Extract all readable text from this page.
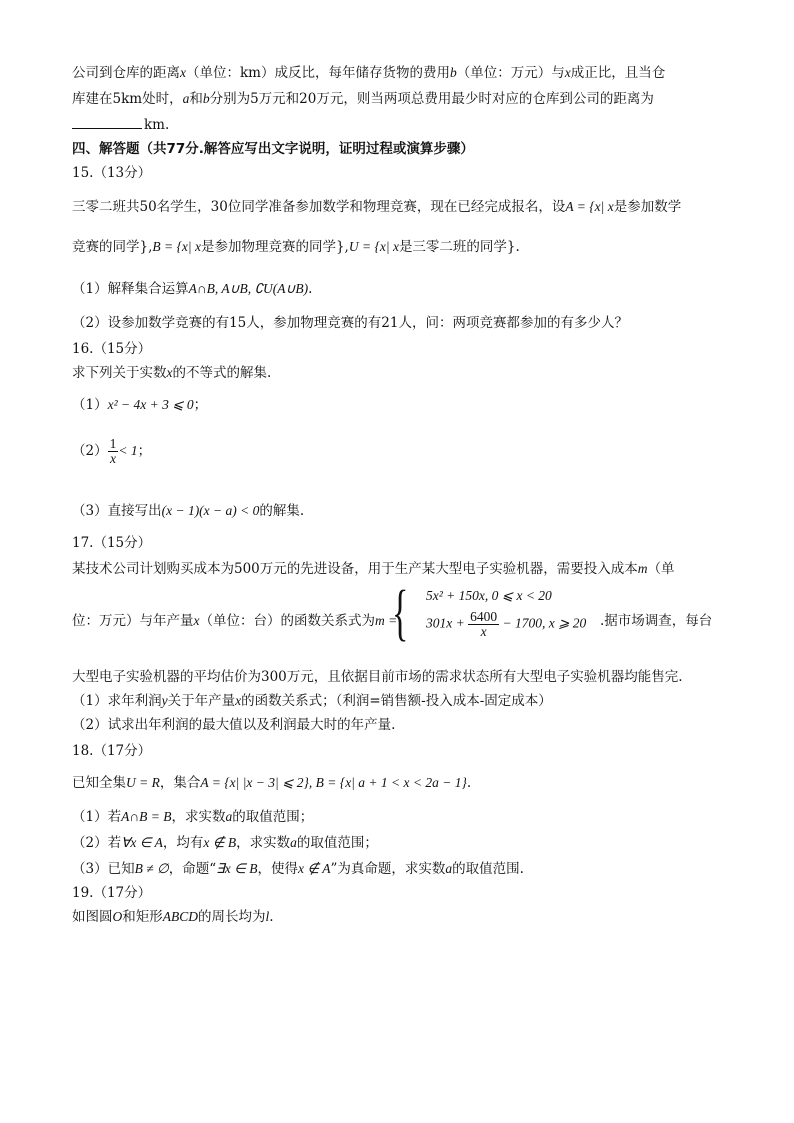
公司到仓库的距离x（单位：km）成反比，每年储存货物的费用b（单位：万元）与x成正比，且当仓
库建在5km处时，a和b分别为5万元和20万元，则当两项总费用最少时对应的仓库到公司的距离为
km.
四、解答题（共77分.解答应写出文字说明，证明过程或演算步骤）
15.（13分）
三零二班共50名学生，30位同学准备参加数学和物理竞赛，现在已经完成报名，设A = {x| x是参加数学
竞赛的同学},B = {x| x是参加物理竞赛的同学},U = {x| x是三零二班的同学}.
（1）解释集合运算A∩B, A∪B, ∁U(A∪B).
（2）设参加数学竞赛的有15人，参加物理竞赛的有21人，问：两项竞赛都参加的有多少人？
16.（15分）
求下列关于实数x的不等式的解集.
（1）x² − 4x + 3 ⩽ 0；
$(2) \frac{1}{x} < 1$；
（3）直接写出(x − 1)(x − a) < 0的解集.
17.（15分）
某技术公司计划购买成本为500万元的先进设备，用于生产某大型电子实验机器，需要投入成本m（单
位：万元）与年产量x（单位：台）的函数关系式为m =
{ 5x² + 150x, 0 ⩽ x < 20
$301x + \frac{6400}{x} - 1700$, x ⩾ 20 .据市场调查，每台
大型电子实验机器的平均估价为300万元，且依据目前市场的需求状态所有大型电子实验机器均能售完.
（1）求年利润y关于年产量x的函数关系式；（利润=销售额-投入成本-固定成本）
（2）试求出年利润的最大值以及利润最大时的年产量.
18.（17分）
已知全集U = R，集合A = {x| |x − 3| ⩽ 2}, B = {x| a + 1 < x < 2a − 1}.
（1）若A∩B = B，求实数a的取值范围；
（2）若∀x ∈ A，均有x ∉ B，求实数a的取值范围；
（3）已知B ≠ ∅，命题“∃x ∈ B，使得x ∉ A”为真命题，求实数a的取值范围.
19.（17分）
如图圆O和矩形ABCD的周长均为l.
